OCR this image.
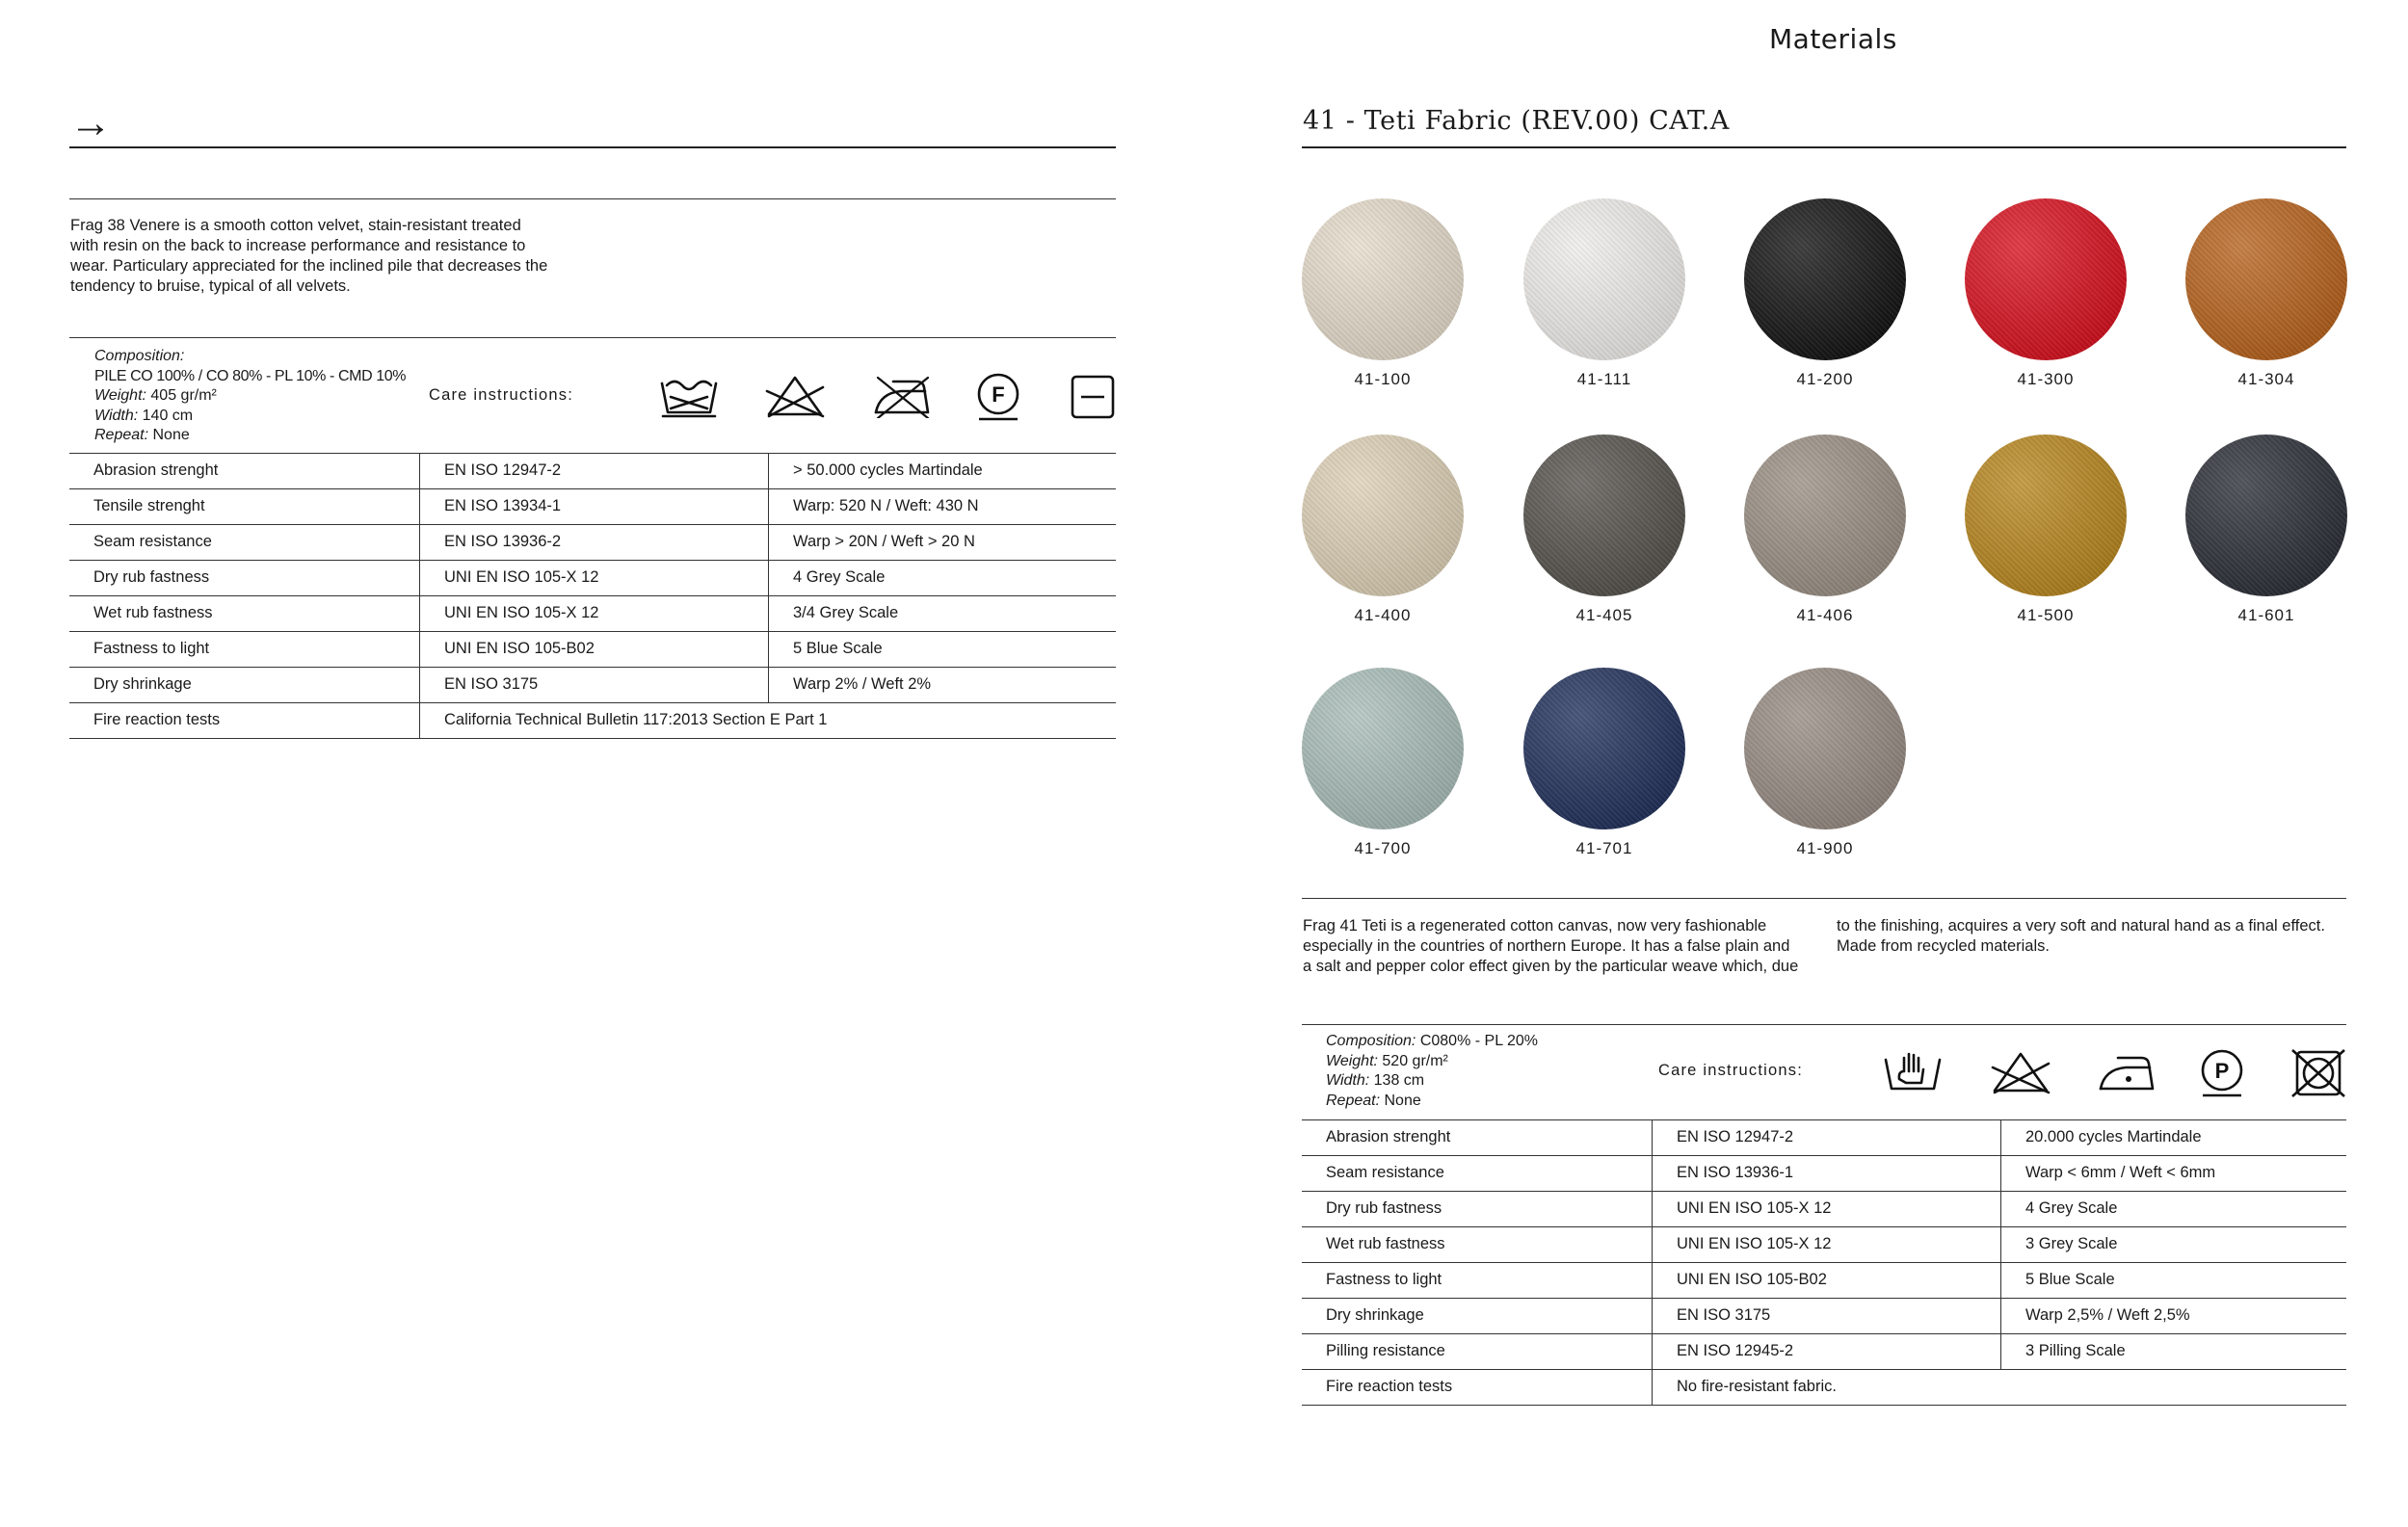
Materials
→
Frag 38 Venere is a smooth cotton velvet, stain-resistant treated
with resin on the back to increase performance and resistance to
wear. Particulary appreciated for the inclined pile that decreases the
tendency to bruise, typical of all velvets.
Composition:
PILE CO 100% / CO 80% - PL 10% - CMD 10%
Weight: 405 gr/m²
Width: 140 cm
Repeat: None
Care instructions:	F
Abrasion strenght	EN ISO 12947-2	> 50.000 cycles Martindale
Tensile strenght	EN ISO 13934-1	Warp: 520 N / Weft: 430 N
Seam resistance	EN ISO 13936-2	Warp > 20N / Weft > 20 N
Dry rub fastness	UNI EN ISO 105-X 12	4 Grey Scale
Wet rub fastness	UNI EN ISO 105-X 12	3/4 Grey Scale
Fastness to light	UNI EN ISO 105-B02	5 Blue Scale
Dry shrinkage	EN ISO 3175	Warp 2% / Weft 2%
Fire reaction tests	California Technical Bulletin 117:2013 Section E Part 1
41 - Teti Fabric (REV.00) CAT.A
41-100	41-111	41-200	41-300	41-304
41-400	41-405	41-406	41-500	41-601
41-700	41-701	41-900
Frag 41 Teti is a regenerated cotton canvas, now very fashionable
especially in the countries of northern Europe. It has a false plain and
a salt and pepper color effect given by the particular weave which, due
to the finishing, acquires a very soft and natural hand as a final effect.
Made from recycled materials.
Composition: C080% - PL 20%
Weight: 520 gr/m²
Width: 138 cm
Repeat: None
Care instructions:	P
Abrasion strenght	EN ISO 12947-2	20.000 cycles Martindale
Seam resistance	EN ISO 13936-1	Warp < 6mm / Weft < 6mm
Dry rub fastness	UNI EN ISO 105-X 12	4 Grey Scale
Wet rub fastness	UNI EN ISO 105-X 12	3 Grey Scale
Fastness to light	UNI EN ISO 105-B02	5 Blue Scale
Dry shrinkage	EN ISO 3175	Warp 2,5% / Weft 2,5%
Pilling resistance	EN ISO 12945-2	3 Pilling Scale
Fire reaction tests	No fire-resistant fabric.
